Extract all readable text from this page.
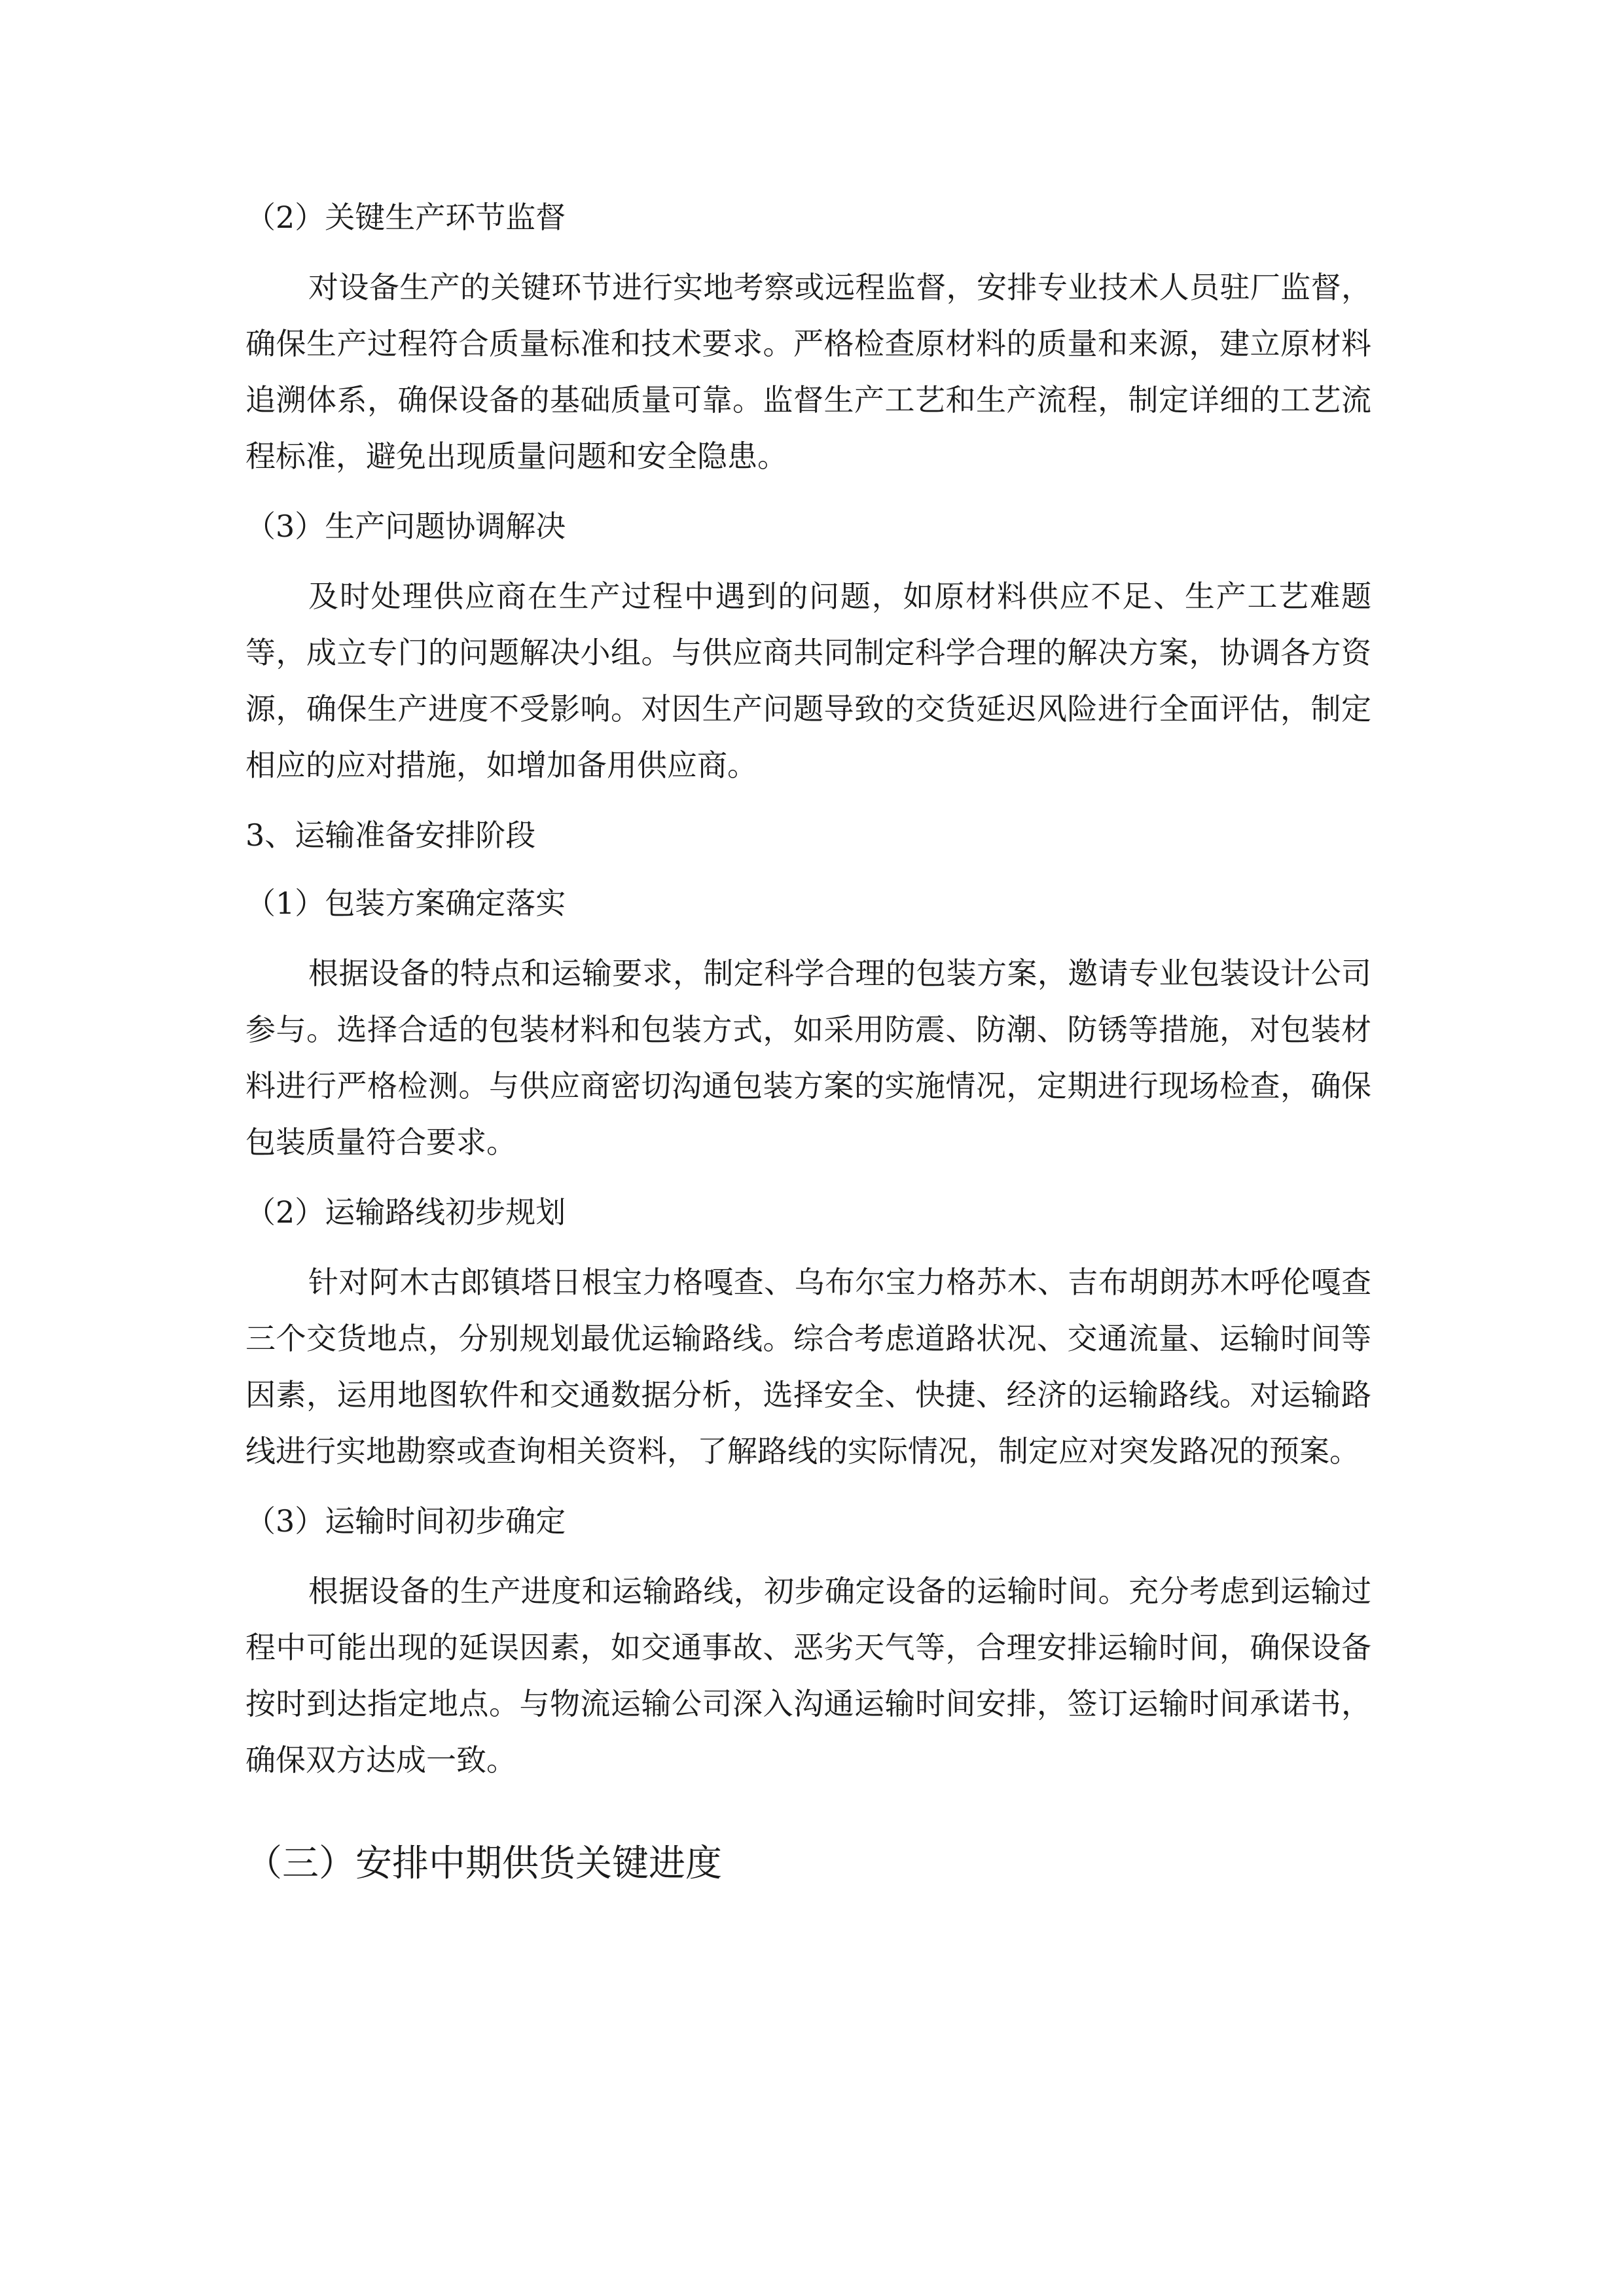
（2）关键生产环节监督

对设备生产的关键环节进行实地考察或远程监督，安排专业技术人员驻厂监督，确保生产过程符合质量标准和技术要求。严格检查原材料的质量和来源，建立原材料追溯体系，确保设备的基础质量可靠。监督生产工艺和生产流程，制定详细的工艺流程标准，避免出现质量问题和安全隐患。

（3）生产问题协调解决

及时处理供应商在生产过程中遇到的问题，如原材料供应不足、生产工艺难题等，成立专门的问题解决小组。与供应商共同制定科学合理的解决方案，协调各方资源，确保生产进度不受影响。对因生产问题导致的交货延迟风险进行全面评估，制定相应的应对措施，如增加备用供应商。

3、运输准备安排阶段
（1）包装方案确定落实

根据设备的特点和运输要求，制定科学合理的包装方案，邀请专业包装设计公司参与。选择合适的包装材料和包装方式，如采用防震、防潮、防锈等措施，对包装材料进行严格检测。与供应商密切沟通包装方案的实施情况，定期进行现场检查，确保包装质量符合要求。

（2）运输路线初步规划

针对阿木古郎镇塔日根宝力格嘎查、乌布尔宝力格苏木、吉布胡朗苏木呼伦嘎查三个交货地点，分别规划最优运输路线。综合考虑道路状况、交通流量、运输时间等因素，运用地图软件和交通数据分析，选择安全、快捷、经济的运输路线。对运输路线进行实地勘察或查询相关资料，了解路线的实际情况，制定应对突发路况的预案。

（3）运输时间初步确定

根据设备的生产进度和运输路线，初步确定设备的运输时间。充分考虑到运输过程中可能出现的延误因素，如交通事故、恶劣天气等，合理安排运输时间，确保设备按时到达指定地点。与物流运输公司深入沟通运输时间安排，签订运输时间承诺书，确保双方达成一致。

（三）安排中期供货关键进度
